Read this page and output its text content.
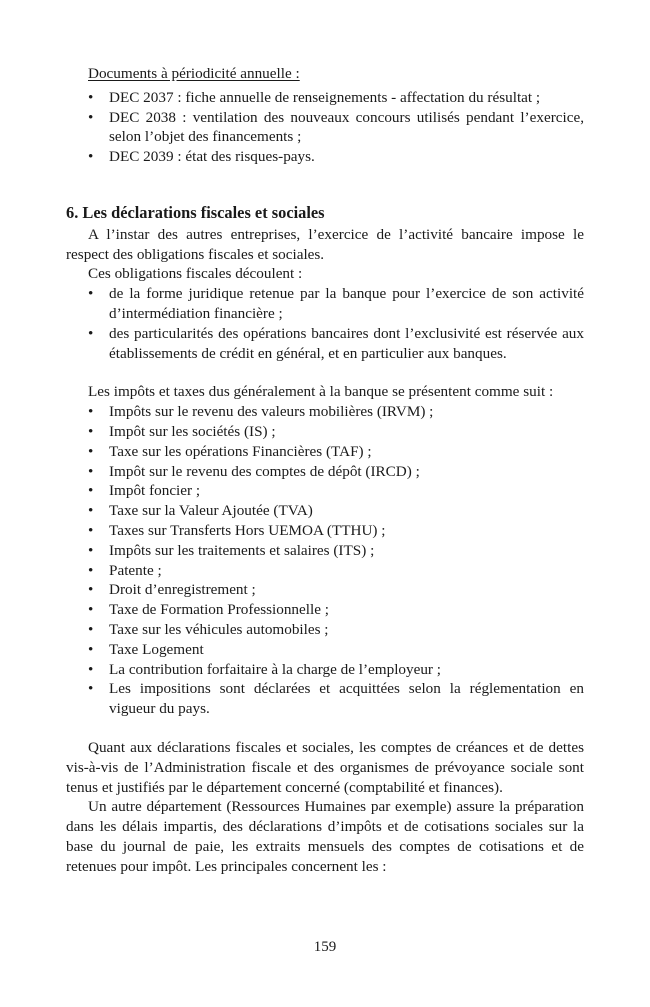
Documents à périodicité annuelle :
• DEC 2037 : fiche annuelle de renseignements - affectation du résultat ;
• DEC 2038 : ventilation des nouveaux concours utilisés pendant l’exercice, selon l’objet des financements ;
• DEC 2039 : état des risques-pays.
6. Les déclarations fiscales et sociales

A l’instar des autres entreprises, l’exercice de l’activité bancaire impose le respect des obligations fiscales et sociales.

Ces obligations fiscales découlent :

• de la forme juridique retenue par la banque pour l’exercice de son activité d’intermédiation financière ;
• des particularités des opérations bancaires dont l’exclusivité est réservée aux établissements de crédit en général, et en particulier aux banques.

Les impôts et taxes dus généralement à la banque se présentent comme suit :

• Impôts sur le revenu des valeurs mobilières (IRVM) ;
• Impôt sur les sociétés (IS) ;
• Taxe sur les opérations Financières (TAF) ;
• Impôt sur le revenu des comptes de dépôt (IRCD) ;
• Impôt foncier ;
• Taxe sur la Valeur Ajoutée (TVA)
• Taxes sur Transferts Hors UEMOA (TTHU) ;
• Impôts sur les traitements et salaires (ITS) ;
• Patente ;
• Droit d’enregistrement ;
• Taxe de Formation Professionnelle ;
• Taxe sur les véhicules automobiles ;
• Taxe Logement
• La contribution forfaitaire à la charge de l’employeur ;
• Les impositions sont déclarées et acquittées selon la réglementation en vigueur du pays.

Quant aux déclarations fiscales et sociales, les comptes de créances et de dettes vis-à-vis de l’Administration fiscale et des organismes de prévoyance sociale sont tenus et justifiés par le département concerné (comptabilité et finances).

Un autre département (Ressources Humaines par exemple) assure la préparation dans les délais impartis, des déclarations d’impôts et de cotisations sociales sur la base du journal de paie, les extraits mensuels des comptes de cotisations et de retenues pour impôt. Les principales concernent les :

159
